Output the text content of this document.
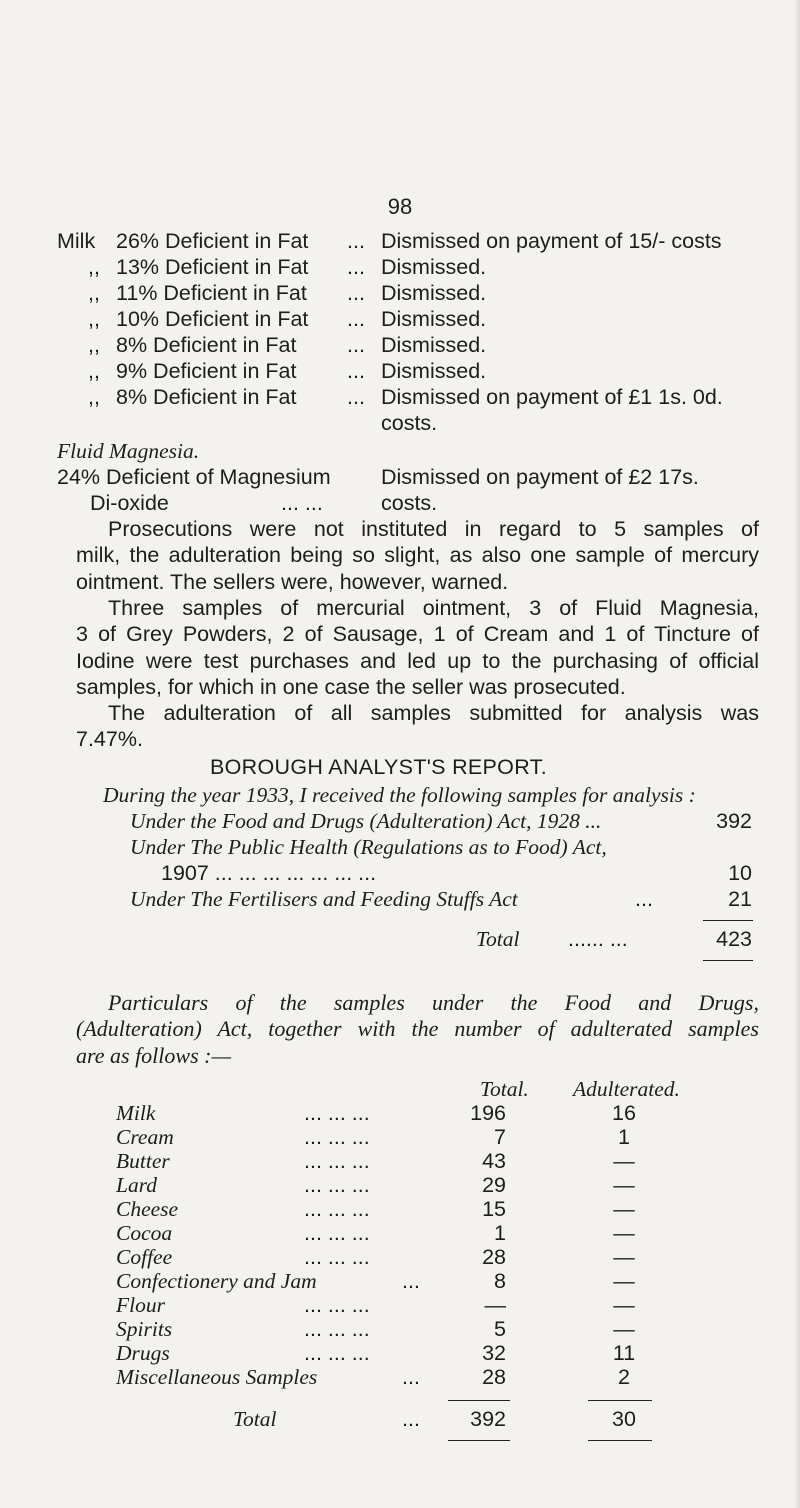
98
Milk 26% Deficient in Fat ... Dismissed on payment of 15/- costs
,, 13% Deficient in Fat ... Dismissed.
,, 11% Deficient in Fat ... Dismissed.
,, 10% Deficient in Fat ... Dismissed.
,, 8% Deficient in Fat ... Dismissed.
,, 9% Deficient in Fat ... Dismissed.
,, 8% Deficient in Fat ... Dismissed on payment of £1 1s. 0d.
costs.
Fluid Magnesia.
24% Deficient of Magnesium Dismissed on payment of £2 17s.
Di-oxide	... ...	costs.
Prosecutions were not instituted in regard to 5 samples of
milk, the adulteration being so slight, as also one sample of mercury
ointment. The sellers were, however, warned.
Three samples of mercurial ointment, 3 of Fluid Magnesia,
3 of Grey Powders, 2 of Sausage, 1 of Cream and 1 of Tincture of
Iodine were test purchases and led up to the purchasing of official
samples, for which in one case the seller was prosecuted.
The adulteration of all samples submitted for analysis was
7.47%.
BOROUGH ANALYST'S REPORT.
During the year 1933, I received the following samples for analysis :
Under the Food and Drugs (Adulteration) Act, 1928 ...	392
Under The Public Health (Regulations as to Food) Act,
1907 ... ... ... ... ... ... ...	10
Under The Fertilisers and Feeding Stuffs Act	...	21
Total ...... ...	423
Particulars of the samples under the Food and Drugs,
(Adulteration) Act, together with the number of adulterated samples
are as follows :—
Total. Adulterated.
Milk	... ... ...	196	16
Cream	... ... ...	7	1
Butter	... ... ...	43	—
Lard	... ... ...	29	—
Cheese	... ... ...	15	—
Cocoa	... ... ...	1	—
Coffee	... ... ...	28	—
Confectionery and Jam	...	8	—
Flour	... ... ...	—	—
Spirits	... ... ...	5	—
Drugs	... ... ...	32	11
Miscellaneous Samples	...	28	2
Total	...	392	30
